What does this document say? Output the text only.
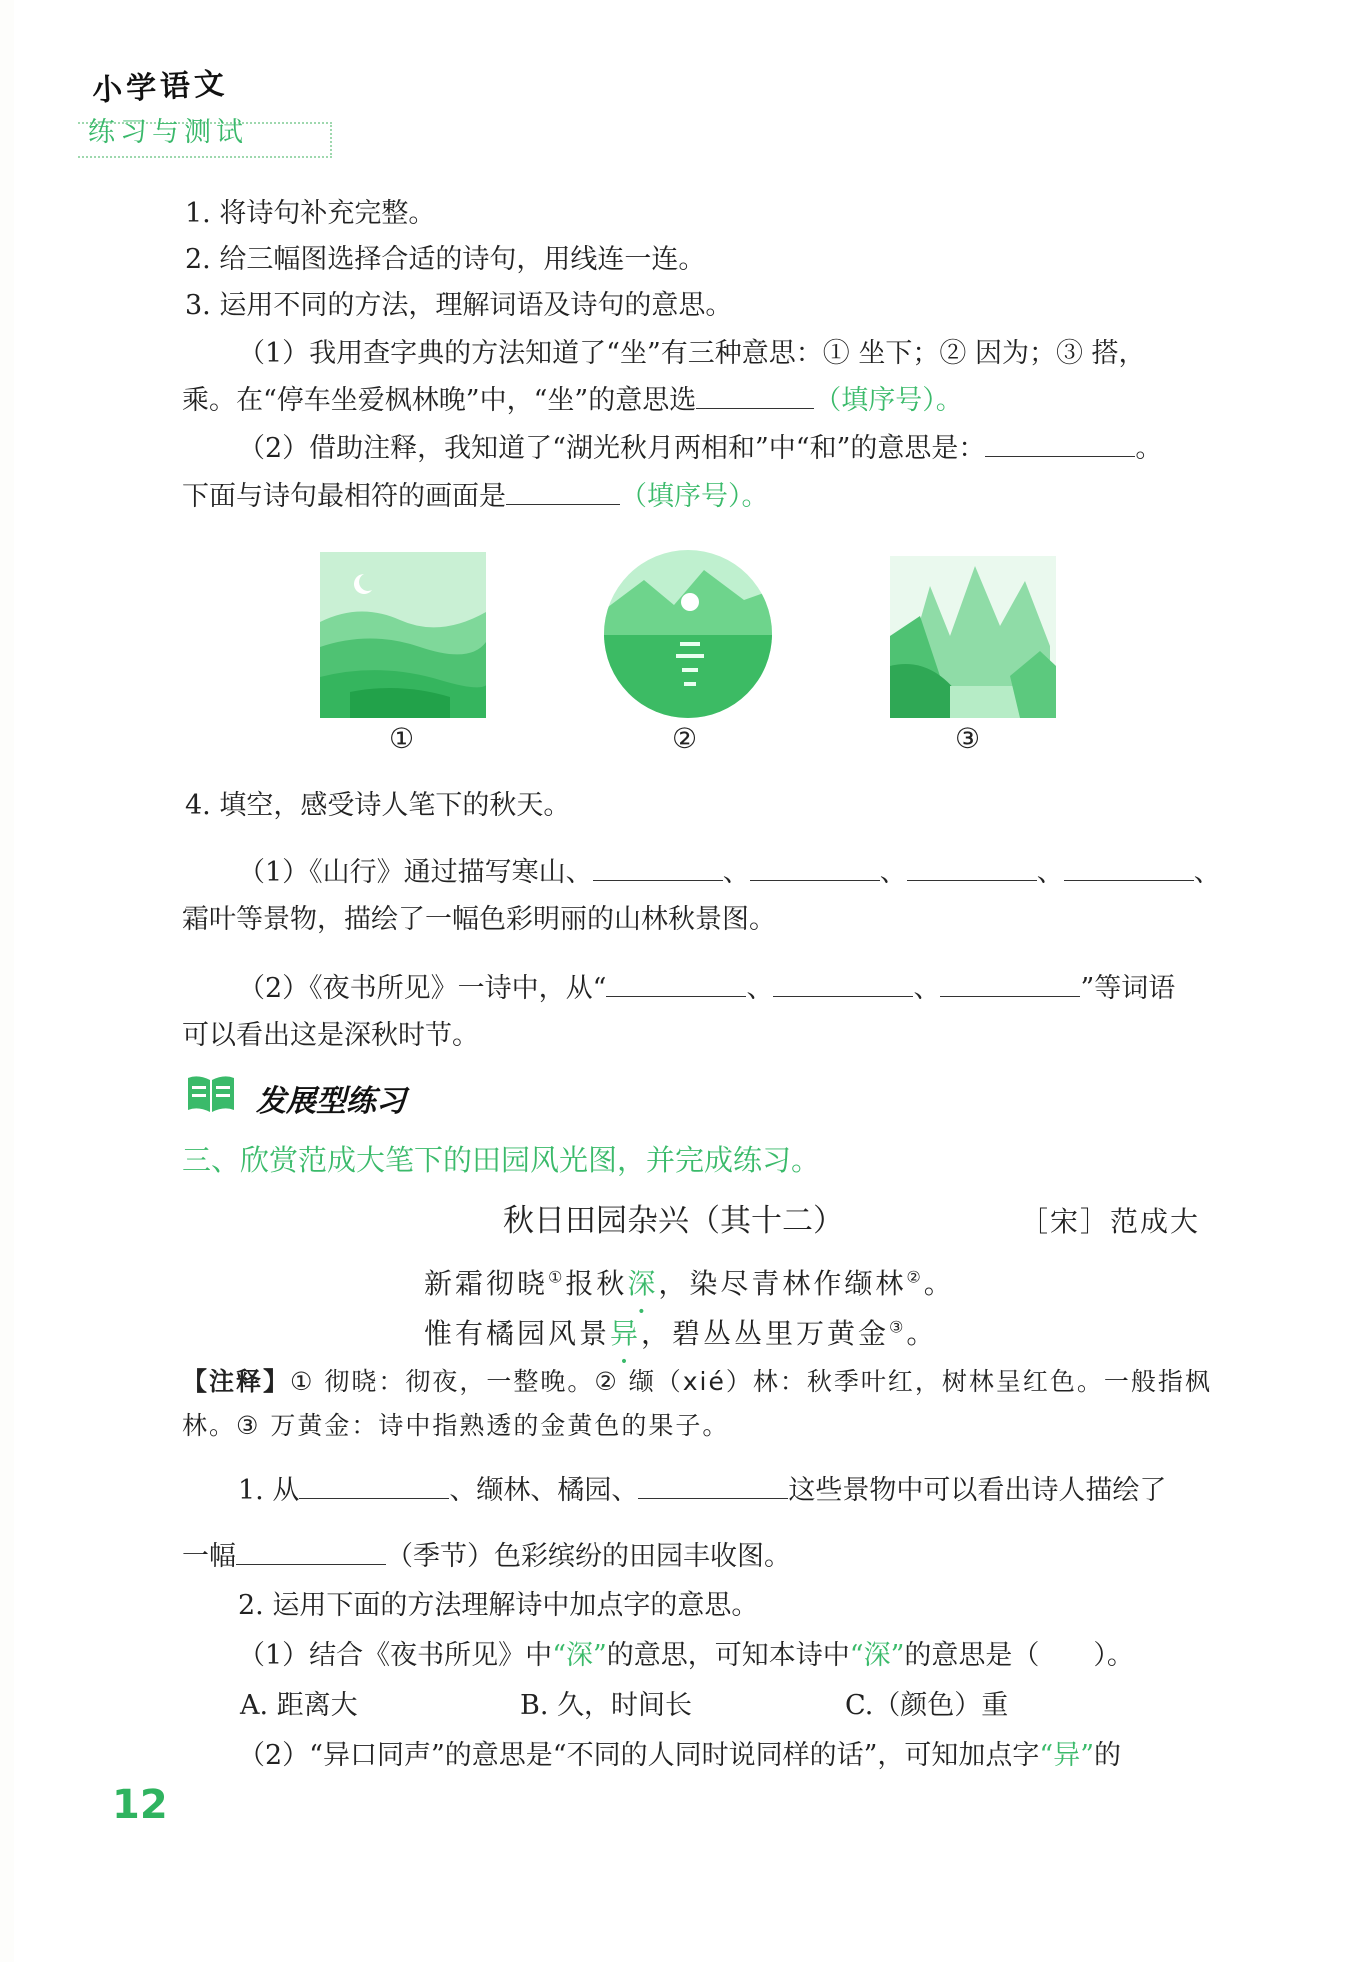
小学语文
练习与测试
1. 将诗句补充完整。
2. 给三幅图选择合适的诗句，用线连一连。
3. 运用不同的方法，理解词语及诗句的意思。
（1）我用查字典的方法知道了“坐”有三种意思：① 坐下；② 因为；③ 搭，
乘。在“停车坐爱枫林晚”中，“坐”的意思选	（填序号）。
（2）借助注释，我知道了“湖光秋月两相和”中“和”的意思是：	。
下面与诗句最相符的画面是	（填序号）。
①	②	③
4. 填空，感受诗人笔下的秋天。
（1）《山行》通过描写寒山、	、	、	、	、
霜叶等景物，描绘了一幅色彩明丽的山林秋景图。
（2）《夜书所见》一诗中，从“	、	、	”等词语
可以看出这是深秋时节。
发展型练习
三、欣赏范成大笔下的田园风光图，并完成练习。
秋日田园杂兴（其十二）	［宋］范成大
新霜彻晓①报秋深，染尽青林作缬林②。
惟有橘园风景异，碧丛丛里万黄金③。
【注释】① 彻晓：彻夜，一整晚。② 缬（xié）林：秋季叶红，树林呈红色。一般指枫
林。③ 万黄金：诗中指熟透的金黄色的果子。
1. 从	、缬林、橘园、	这些景物中可以看出诗人描绘了
一幅	（季节）色彩缤纷的田园丰收图。
2. 运用下面的方法理解诗中加点字的意思。
（1）结合《夜书所见》中“深”的意思，可知本诗中“深”的意思是（　　）。
A. 距离大	B. 久，时间长	C.（颜色）重
（2）“异口同声”的意思是“不同的人同时说同样的话”，可知加点字“异”的
12
